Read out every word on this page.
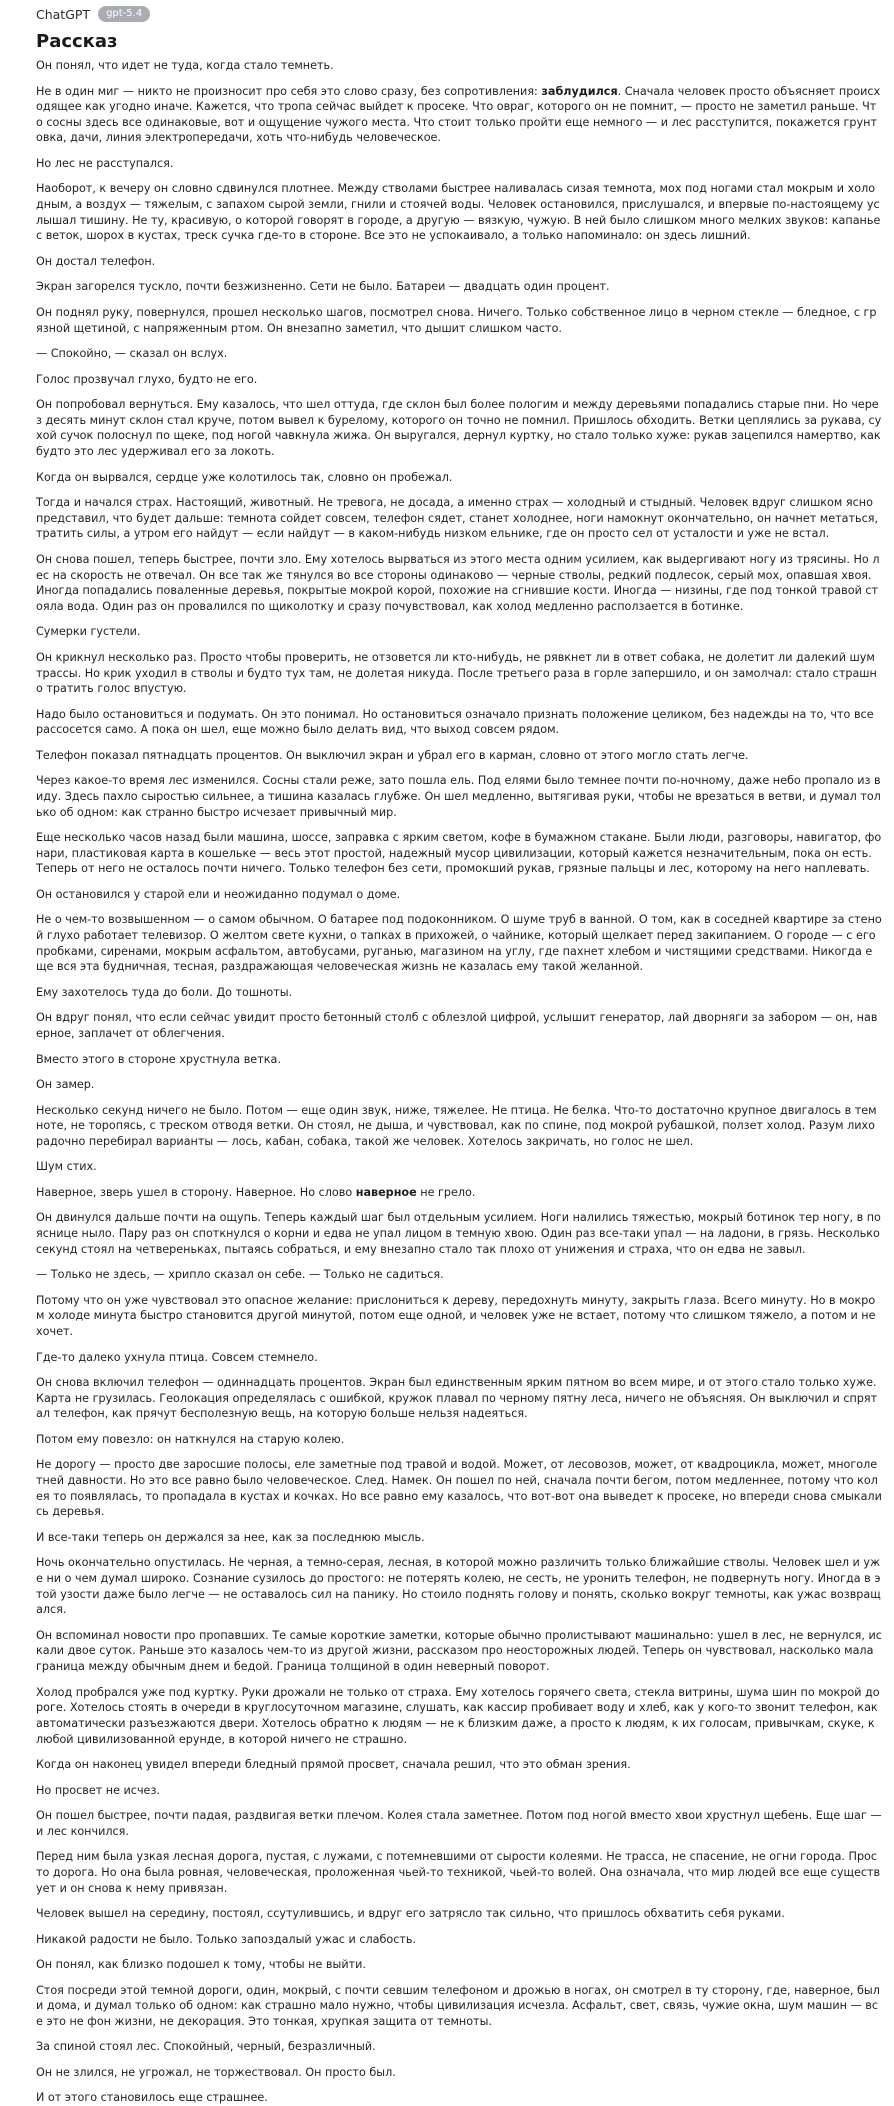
ChatGPT	gpt-5.4
Рассказ

Он понял, что идет не туда, когда стало темнеть.

Не в один миг — никто не произносит про себя это слово сразу, без сопротивления: заблудился. Сначала человек просто объясняет происходящее как угодно иначе. Кажется, что тропа сейчас выйдет к просеке. Что овраг, которого он не помнит, — просто не заметил раньше. Что сосны здесь все одинаковые, вот и ощущение чужого места. Что стоит только пройти еще немного — и лес расступится, покажется грунтовка, дачи, линия электропередачи, хоть что-нибудь человеческое.

Но лес не расступался.

Наоборот, к вечеру он словно сдвинулся плотнее. Между стволами быстрее наливалась сизая темнота, мох под ногами стал мокрым и холодным, а воздух — тяжелым, с запахом сырой земли, гнили и стоячей воды. Человек остановился, прислушался, и впервые по-настоящему услышал тишину. Не ту, красивую, о которой говорят в городе, а другую — вязкую, чужую. В ней было слишком много мелких звуков: капанье с веток, шорох в кустах, треск сучка где-то в стороне. Все это не успокаивало, а только напоминало: он здесь лишний.

Он достал телефон.

Экран загорелся тускло, почти безжизненно. Сети не было. Батареи — двадцать один процент.

Он поднял руку, повернулся, прошел несколько шагов, посмотрел снова. Ничего. Только собственное лицо в черном стекле — бледное, с грязной щетиной, с напряженным ртом. Он внезапно заметил, что дышит слишком часто.

— Спокойно, — сказал он вслух.

Голос прозвучал глухо, будто не его.

Он попробовал вернуться. Ему казалось, что шел оттуда, где склон был более пологим и между деревьями попадались старые пни. Но через десять минут склон стал круче, потом вывел к бурелому, которого он точно не помнил. Пришлось обходить. Ветки цеплялись за рукава, сухой сучок полоснул по щеке, под ногой чавкнула жижа. Он выругался, дернул куртку, но стало только хуже: рукав зацепился намертво, как будто это лес удерживал его за локоть.

Когда он вырвался, сердце уже колотилось так, словно он пробежал.

Тогда и начался страх. Настоящий, животный. Не тревога, не досада, а именно страх — холодный и стыдный. Человек вдруг слишком ясно представил, что будет дальше: темнота сойдет совсем, телефон сядет, станет холоднее, ноги намокнут окончательно, он начнет метаться, тратить силы, а утром его найдут — если найдут — в каком-нибудь низком ельнике, где он просто сел от усталости и уже не встал.

Он снова пошел, теперь быстрее, почти зло. Ему хотелось вырваться из этого места одним усилием, как выдергивают ногу из трясины. Но лес на скорость не отвечал. Он все так же тянулся во все стороны одинаково — черные стволы, редкий подлесок, серый мох, опавшая хвоя. Иногда попадались поваленные деревья, покрытые мокрой корой, похожие на сгнившие кости. Иногда — низины, где под тонкой травой стояла вода. Один раз он провалился по щиколотку и сразу почувствовал, как холод медленно расползается в ботинке.

Сумерки густели.

Он крикнул несколько раз. Просто чтобы проверить, не отзовется ли кто-нибудь, не рявкнет ли в ответ собака, не долетит ли далекий шум трассы. Но крик уходил в стволы и будто тух там, не долетая никуда. После третьего раза в горле запершило, и он замолчал: стало страшно тратить голос впустую.

Надо было остановиться и подумать. Он это понимал. Но остановиться означало признать положение целиком, без надежды на то, что все рассосется само. А пока он шел, еще можно было делать вид, что выход совсем рядом.

Телефон показал пятнадцать процентов. Он выключил экран и убрал его в карман, словно от этого могло стать легче.

Через какое-то время лес изменился. Сосны стали реже, зато пошла ель. Под елями было темнее почти по-ночному, даже небо пропало из виду. Здесь пахло сыростью сильнее, а тишина казалась глубже. Он шел медленно, вытягивая руки, чтобы не врезаться в ветви, и думал только об одном: как странно быстро исчезает привычный мир.

Еще несколько часов назад были машина, шоссе, заправка с ярким светом, кофе в бумажном стакане. Были люди, разговоры, навигатор, фонари, пластиковая карта в кошельке — весь этот простой, надежный мусор цивилизации, который кажется незначительным, пока он есть. Теперь от него не осталось почти ничего. Только телефон без сети, промокший рукав, грязные пальцы и лес, которому на него наплевать.

Он остановился у старой ели и неожиданно подумал о доме.

Не о чем-то возвышенном — о самом обычном. О батарее под подоконником. О шуме труб в ванной. О том, как в соседней квартире за стеной глухо работает телевизор. О желтом свете кухни, о тапках в прихожей, о чайнике, который щелкает перед закипанием. О городе — с его пробками, сиренами, мокрым асфальтом, автобусами, руганью, магазином на углу, где пахнет хлебом и чистящими средствами. Никогда еще вся эта будничная, тесная, раздражающая человеческая жизнь не казалась ему такой желанной.

Ему захотелось туда до боли. До тошноты.

Он вдруг понял, что если сейчас увидит просто бетонный столб с облезлой цифрой, услышит генератор, лай дворняги за забором — он, наверное, заплачет от облегчения.

Вместо этого в стороне хрустнула ветка.

Он замер.

Несколько секунд ничего не было. Потом — еще один звук, ниже, тяжелее. Не птица. Не белка. Что-то достаточно крупное двигалось в темноте, не торопясь, с треском отводя ветки. Он стоял, не дыша, и чувствовал, как по спине, под мокрой рубашкой, ползет холод. Разум лихорадочно перебирал варианты — лось, кабан, собака, такой же человек. Хотелось закричать, но голос не шел.

Шум стих.

Наверное, зверь ушел в сторону. Наверное. Но слово наверное не грело.

Он двинулся дальше почти на ощупь. Теперь каждый шаг был отдельным усилием. Ноги налились тяжестью, мокрый ботинок тер ногу, в пояснице ныло. Пару раз он споткнулся о корни и едва не упал лицом в темную хвою. Один раз все-таки упал — на ладони, в грязь. Несколько секунд стоял на четвереньках, пытаясь собраться, и ему внезапно стало так плохо от унижения и страха, что он едва не завыл.

— Только не здесь, — хрипло сказал он себе. — Только не садиться.

Потому что он уже чувствовал это опасное желание: прислониться к дереву, передохнуть минуту, закрыть глаза. Всего минуту. Но в мокром холоде минута быстро становится другой минутой, потом еще одной, и человек уже не встает, потому что слишком тяжело, а потом и не хочет.

Где-то далеко ухнула птица. Совсем стемнело.

Он снова включил телефон — одиннадцать процентов. Экран был единственным ярким пятном во всем мире, и от этого стало только хуже. Карта не грузилась. Геолокация определялась с ошибкой, кружок плавал по черному пятну леса, ничего не объясняя. Он выключил и спрятал телефон, как прячут бесполезную вещь, на которую больше нельзя надеяться.

Потом ему повезло: он наткнулся на старую колею.

Не дорогу — просто две заросшие полосы, еле заметные под травой и водой. Может, от лесовозов, может, от квадроцикла, может, многолетней давности. Но это все равно было человеческое. След. Намек. Он пошел по ней, сначала почти бегом, потом медленнее, потому что колея то появлялась, то пропадала в кустах и кочках. Но все равно ему казалось, что вот-вот она выведет к просеке, но впереди снова смыкались деревья.

И все-таки теперь он держался за нее, как за последнюю мысль.

Ночь окончательно опустилась. Не черная, а темно-серая, лесная, в которой можно различить только ближайшие стволы. Человек шел и уже ни о чем думал широко. Сознание сузилось до простого: не потерять колею, не сесть, не уронить телефон, не подвернуть ногу. Иногда в этой узости даже было легче — не оставалось сил на панику. Но стоило поднять голову и понять, сколько вокруг темноты, как ужас возвращался.

Он вспоминал новости про пропавших. Те самые короткие заметки, которые обычно пролистывают машинально: ушел в лес, не вернулся, искали двое суток. Раньше это казалось чем-то из другой жизни, рассказом про неосторожных людей. Теперь он чувствовал, насколько мала граница между обычным днем и бедой. Граница толщиной в один неверный поворот.

Холод пробрался уже под куртку. Руки дрожали не только от страха. Ему хотелось горячего света, стекла витрины, шума шин по мокрой дороге. Хотелось стоять в очереди в круглосуточном магазине, слушать, как кассир пробивает воду и хлеб, как у кого-то звонит телефон, как автоматически разъезжаются двери. Хотелось обратно к людям — не к близким даже, а просто к людям, к их голосам, привычкам, скуке, к любой цивилизованной ерунде, в которой ничего не страшно.

Когда он наконец увидел впереди бледный прямой просвет, сначала решил, что это обман зрения.

Но просвет не исчез.

Он пошел быстрее, почти падая, раздвигая ветки плечом. Колея стала заметнее. Потом под ногой вместо хвои хрустнул щебень. Еще шаг — и лес кончился.

Перед ним была узкая лесная дорога, пустая, с лужами, с потемневшими от сырости колеями. Не трасса, не спасение, не огни города. Просто дорога. Но она была ровная, человеческая, проложенная чьей-то техникой, чьей-то волей. Она означала, что мир людей все еще существует и он снова к нему привязан.

Человек вышел на середину, постоял, ссутулившись, и вдруг его затрясло так сильно, что пришлось обхватить себя руками.

Никакой радости не было. Только запоздалый ужас и слабость.

Он понял, как близко подошел к тому, чтобы не выйти.

Стоя посреди этой темной дороги, один, мокрый, с почти севшим телефоном и дрожью в ногах, он смотрел в ту сторону, где, наверное, были дома, и думал только об одном: как страшно мало нужно, чтобы цивилизация исчезла. Асфальт, свет, связь, чужие окна, шум машин — все это не фон жизни, не декорация. Это тонкая, хрупкая защита от темноты.

За спиной стоял лес. Спокойный, черный, безразличный.

Он не злился, не угрожал, не торжествовал. Он просто был.

И от этого становилось еще страшнее.
